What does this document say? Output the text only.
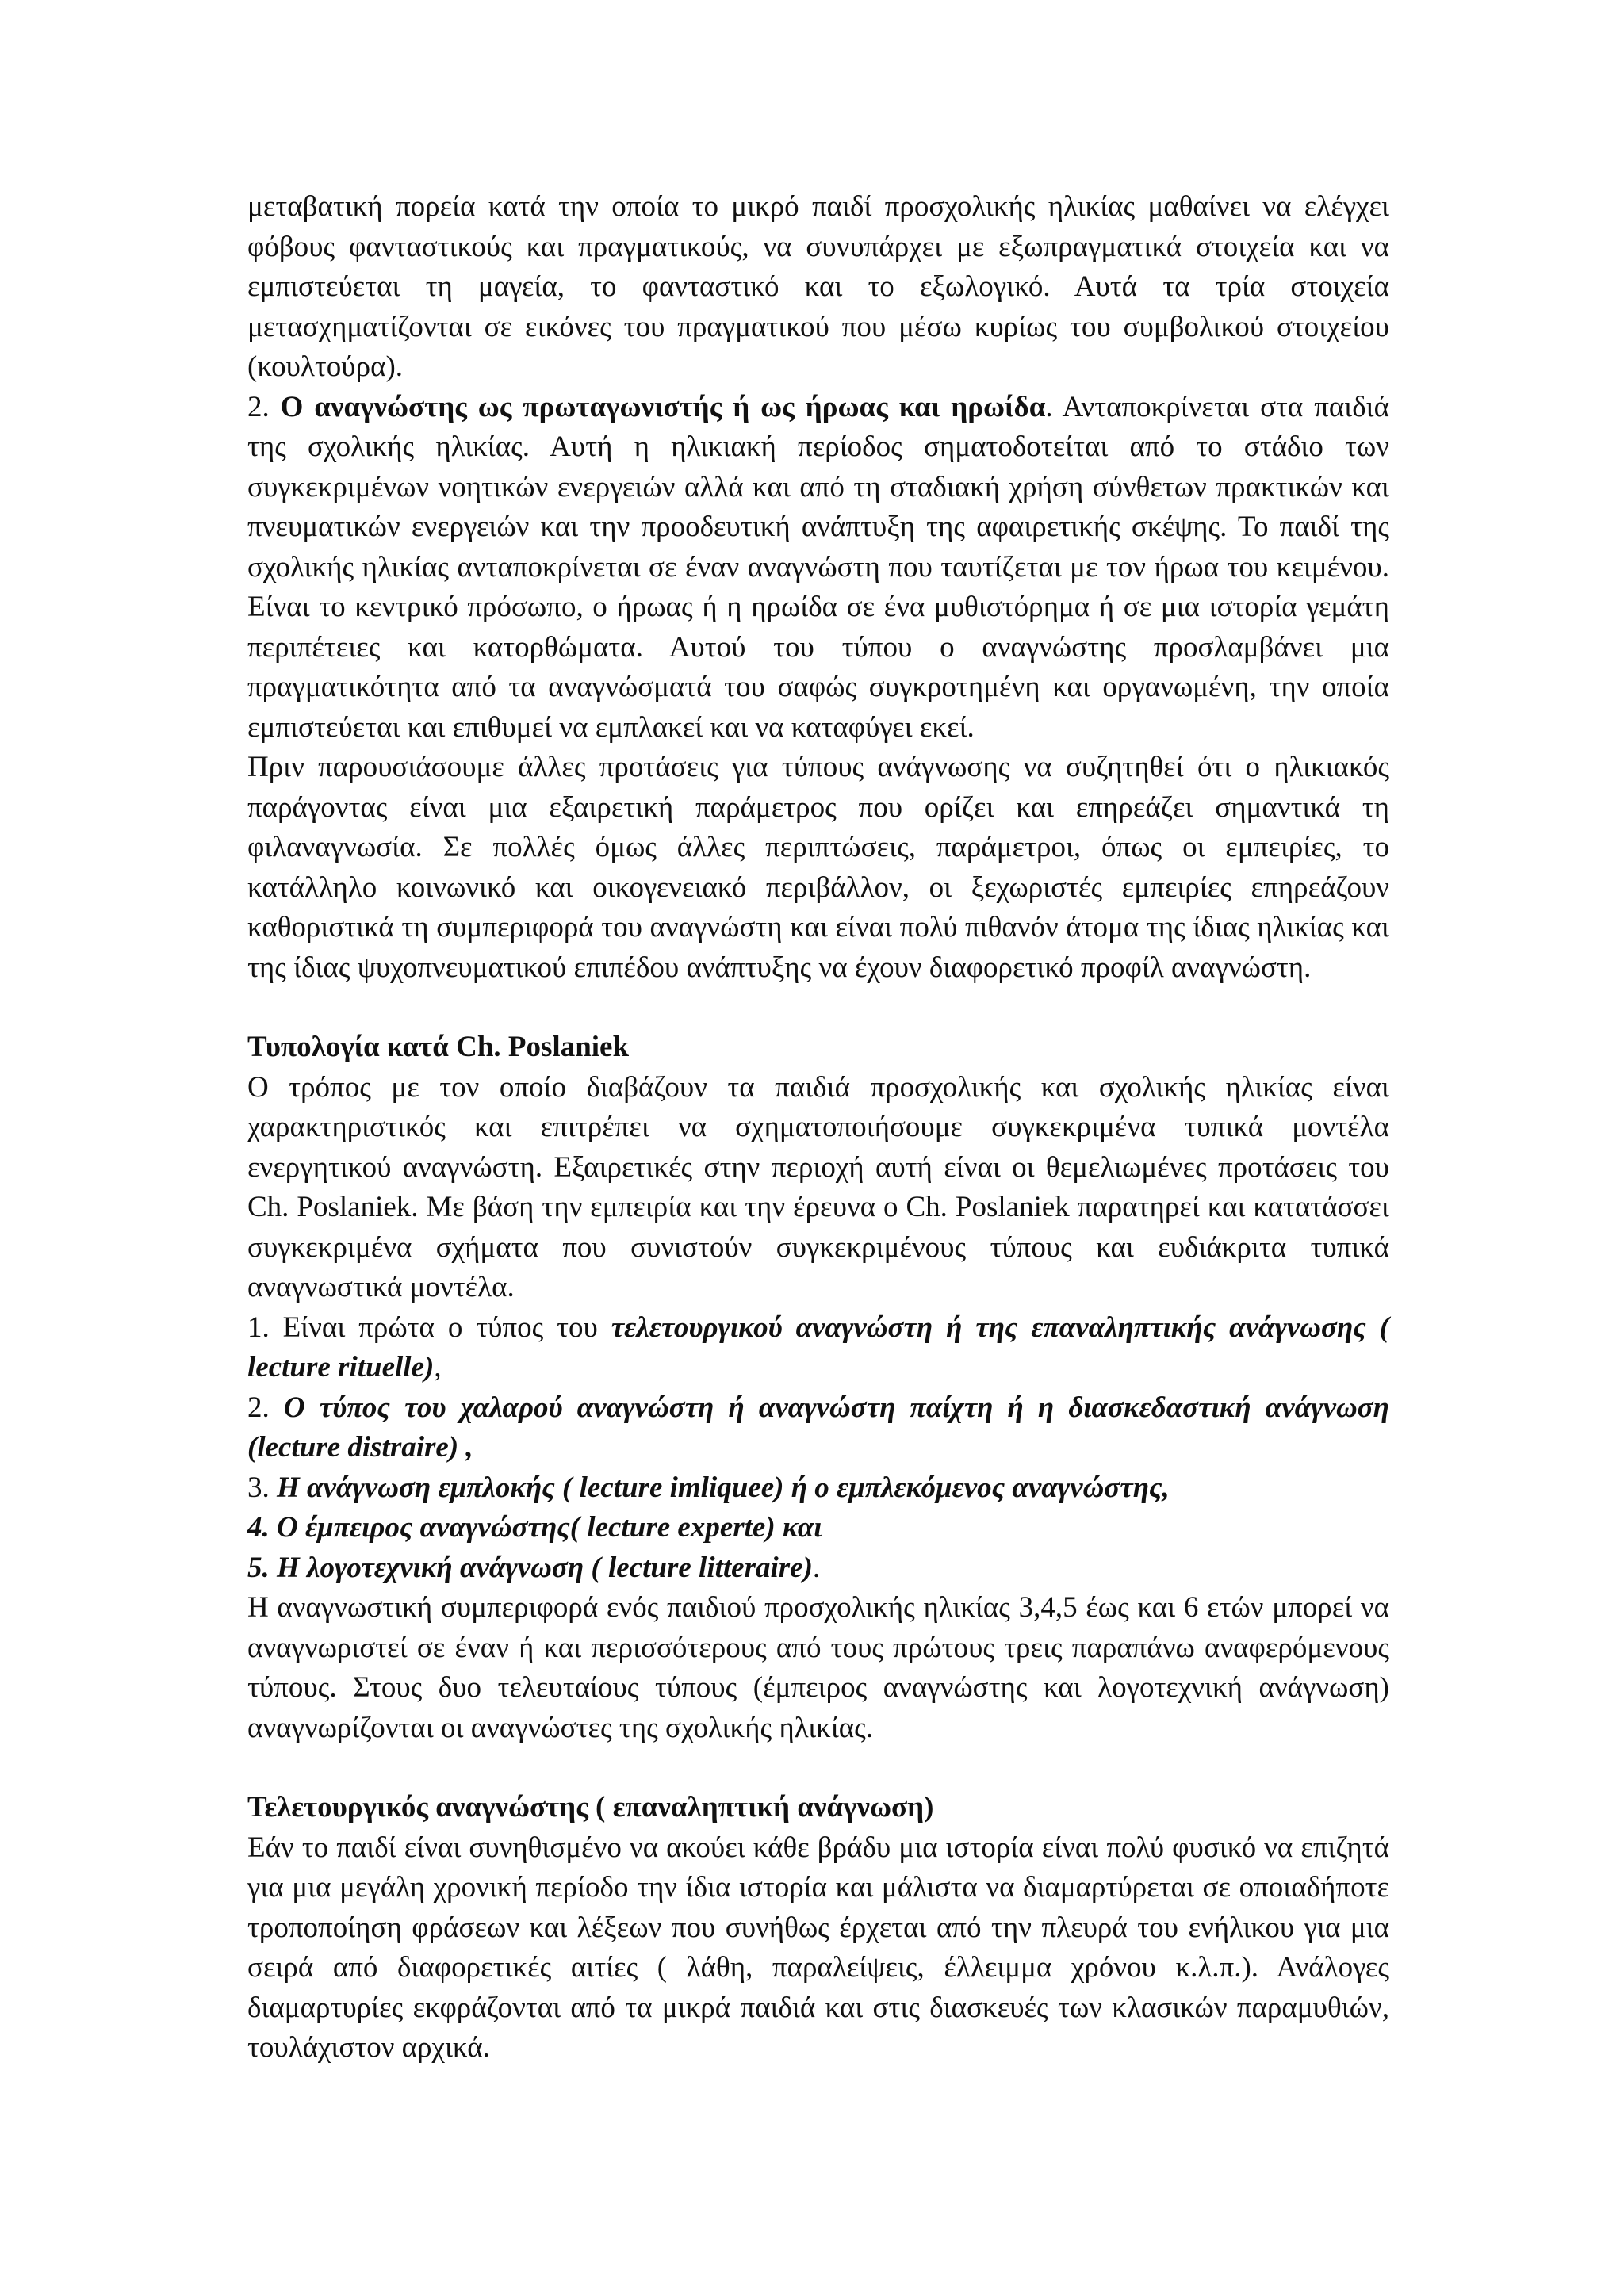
μεταβατική πορεία κατά την οποία το μικρό παιδί προσχολικής ηλικίας μαθαίνει να ελέγχει φόβους φανταστικούς και πραγματικούς, να συνυπάρχει με εξωπραγματικά στοιχεία και να εμπιστεύεται τη μαγεία, το φανταστικό και το εξωλογικό. Αυτά τα τρία στοιχεία μετασχηματίζονται σε εικόνες του πραγματικού που μέσω κυρίως του συμβολικού στοιχείου (κουλτούρα).

2. Ο αναγνώστης ως πρωταγωνιστής ή ως ήρωας και ηρωίδα. Ανταποκρίνεται στα παιδιά της σχολικής ηλικίας. Αυτή η ηλικιακή περίοδος σηματοδοτείται από το στάδιο των συγκεκριμένων νοητικών ενεργειών αλλά και από τη σταδιακή χρήση σύνθετων πρακτικών και πνευματικών ενεργειών και την προοδευτική ανάπτυξη της αφαιρετικής σκέψης. Το παιδί της σχολικής ηλικίας ανταποκρίνεται σε έναν αναγνώστη που ταυτίζεται με τον ήρωα του κειμένου. Είναι το κεντρικό πρόσωπο, ο ήρωας ή η ηρωίδα σε ένα μυθιστόρημα ή σε μια ιστορία γεμάτη περιπέτειες και κατορθώματα. Αυτού του τύπου ο αναγνώστης προσλαμβάνει μια πραγματικότητα από τα αναγνώσματά του σαφώς συγκροτημένη και οργανωμένη, την οποία εμπιστεύεται και επιθυμεί να εμπλακεί και να καταφύγει εκεί.

Πριν παρουσιάσουμε άλλες προτάσεις για τύπους ανάγνωσης να συζητηθεί ότι ο ηλικιακός παράγοντας είναι μια εξαιρετική παράμετρος που ορίζει και επηρεάζει σημαντικά τη φιλαναγνωσία. Σε πολλές όμως άλλες περιπτώσεις, παράμετροι, όπως οι εμπειρίες, το κατάλληλο κοινωνικό και οικογενειακό περιβάλλον, οι ξεχωριστές εμπειρίες επηρεάζουν καθοριστικά τη συμπεριφορά του αναγνώστη και είναι πολύ πιθανόν άτομα της ίδιας ηλικίας και της ίδιας ψυχοπνευματικού επιπέδου ανάπτυξης να έχουν διαφορετικό προφίλ αναγνώστη.

Τυπολογία κατά Ch. Poslaniek

Ο τρόπος με τον οποίο διαβάζουν τα παιδιά προσχολικής και σχολικής ηλικίας είναι χαρακτηριστικός και επιτρέπει να σχηματοποιήσουμε συγκεκριμένα τυπικά μοντέλα ενεργητικού αναγνώστη. Εξαιρετικές στην περιοχή αυτή είναι οι θεμελιωμένες προτάσεις του Ch. Poslaniek. Με βάση την εμπειρία και την έρευνα ο Ch. Poslaniek παρατηρεί και κατατάσσει συγκεκριμένα σχήματα που συνιστούν συγκεκριμένους τύπους και ευδιάκριτα τυπικά αναγνωστικά μοντέλα.

1. Είναι πρώτα ο τύπος του τελετουργικού αναγνώστη ή της επαναληπτικής ανάγνωσης ( lecture rituelle),

2. Ο τύπος του χαλαρού αναγνώστη ή αναγνώστη παίχτη ή η διασκεδαστική ανάγνωση (lecture distraire) ,

3. Η ανάγνωση εμπλοκής ( lecture imliquee) ή ο εμπλεκόμενος αναγνώστης,

4. Ο έμπειρος αναγνώστης( lecture experte) και

5. Η λογοτεχνική ανάγνωση ( lecture litteraire).

Η αναγνωστική συμπεριφορά ενός παιδιού προσχολικής ηλικίας 3,4,5 έως και 6 ετών μπορεί να αναγνωριστεί σε έναν ή και περισσότερους από τους πρώτους τρεις παραπάνω αναφερόμενους τύπους. Στους δυο τελευταίους τύπους (έμπειρος αναγνώστης και λογοτεχνική ανάγνωση) αναγνωρίζονται οι αναγνώστες της σχολικής ηλικίας.

Τελετουργικός αναγνώστης ( επαναληπτική ανάγνωση)

Εάν το παιδί είναι συνηθισμένο να ακούει κάθε βράδυ μια ιστορία είναι πολύ φυσικό να επιζητά για μια μεγάλη χρονική περίοδο την ίδια ιστορία και μάλιστα να διαμαρτύρεται σε οποιαδήποτε τροποποίηση φράσεων και λέξεων που συνήθως έρχεται από την πλευρά του ενήλικου για μια σειρά από διαφορετικές αιτίες ( λάθη, παραλείψεις, έλλειμμα χρόνου κ.λ.π.). Ανάλογες διαμαρτυρίες εκφράζονται από τα μικρά παιδιά και στις διασκευές των κλασικών παραμυθιών, τουλάχιστον αρχικά.
